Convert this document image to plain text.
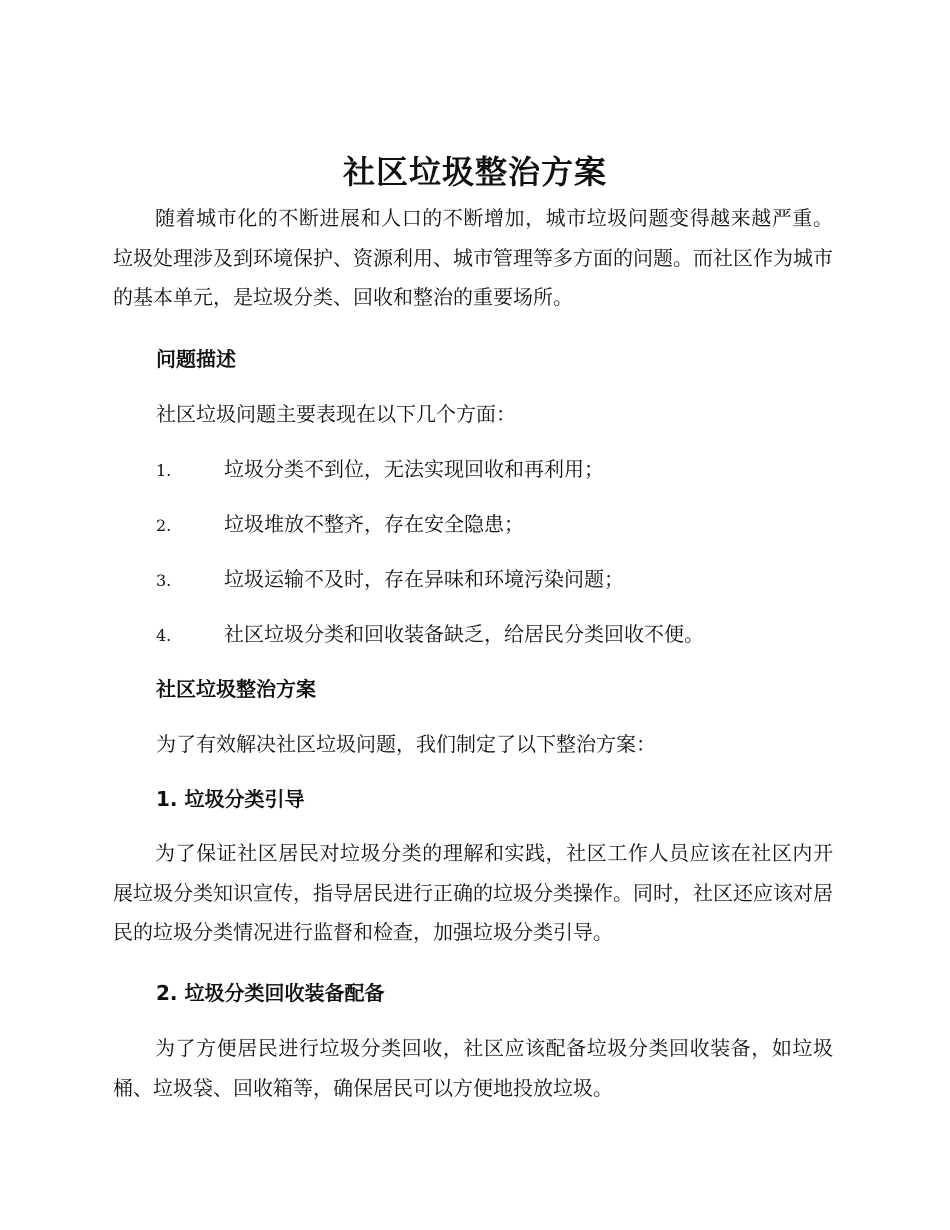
社区垃圾整治方案

随着城市化的不断进展和人口的不断增加，城市垃圾问题变得越来越严重。垃圾处理涉及到环境保护、资源利用、城市管理等多方面的问题。而社区作为城市的基本单元，是垃圾分类、回收和整治的重要场所。

问题描述
社区垃圾问题主要表现在以下几个方面：
1.	垃圾分类不到位，无法实现回收和再利用；
2.	垃圾堆放不整齐，存在安全隐患；
3.	垃圾运输不及时，存在异味和环境污染问题；
4.	社区垃圾分类和回收装备缺乏，给居民分类回收不便。
社区垃圾整治方案
为了有效解决社区垃圾问题，我们制定了以下整治方案：
1. 垃圾分类引导

为了保证社区居民对垃圾分类的理解和实践，社区工作人员应该在社区内开展垃圾分类知识宣传，指导居民进行正确的垃圾分类操作。同时，社区还应该对居民的垃圾分类情况进行监督和检查，加强垃圾分类引导。

2. 垃圾分类回收装备配备

为了方便居民进行垃圾分类回收，社区应该配备垃圾分类回收装备，如垃圾桶、垃圾袋、回收箱等，确保居民可以方便地投放垃圾。
